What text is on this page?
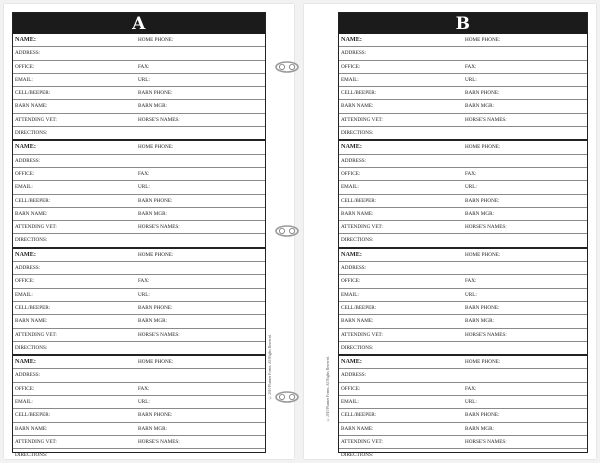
A
NAME:	HOME PHONE:
ADDRESS:
OFFICE:	FAX:
EMAIL:	URL:
CELL/BEEPER:	BARN PHONE:
BARN NAME:	BARN MGR:
ATTENDING VET:	HORSE'S NAMES:
DIRECTIONS:
NAME:	HOME PHONE:
ADDRESS:
OFFICE:	FAX:
EMAIL:	URL:
CELL/BEEPER:	BARN PHONE:
BARN NAME:	BARN MGR:
ATTENDING VET:	HORSE'S NAMES:
DIRECTIONS:
NAME:	HOME PHONE:
ADDRESS:
OFFICE:	FAX:
EMAIL:	URL:
CELL/BEEPER:	BARN PHONE:
BARN NAME:	BARN MGR:
ATTENDING VET:	HORSE'S NAMES:
DIRECTIONS:
NAME:	HOME PHONE:
ADDRESS:
OFFICE:	FAX:
EMAIL:	URL:
CELL/BEEPER:	BARN PHONE:
BARN NAME:	BARN MGR:
ATTENDING VET:	HORSE'S NAMES:
DIRECTIONS:
© 2010 Planner Forms. All Rights Reserved.
B
NAME:	HOME PHONE:
ADDRESS:
OFFICE:	FAX:
EMAIL:	URL:
CELL/BEEPER:	BARN PHONE:
BARN NAME:	BARN MGR:
ATTENDING VET:	HORSE'S NAMES:
DIRECTIONS:
NAME:	HOME PHONE:
ADDRESS:
OFFICE:	FAX:
EMAIL:	URL:
CELL/BEEPER:	BARN PHONE:
BARN NAME:	BARN MGR:
ATTENDING VET:	HORSE'S NAMES:
DIRECTIONS:
NAME:	HOME PHONE:
ADDRESS:
OFFICE:	FAX:
EMAIL:	URL:
CELL/BEEPER:	BARN PHONE:
BARN NAME:	BARN MGR:
ATTENDING VET:	HORSE'S NAMES:
DIRECTIONS:
NAME:	HOME PHONE:
ADDRESS:
OFFICE:	FAX:
EMAIL:	URL:
CELL/BEEPER:	BARN PHONE:
BARN NAME:	BARN MGR:
ATTENDING VET:	HORSE'S NAMES:
DIRECTIONS:
© 2010 Planner Forms. All Rights Reserved.
